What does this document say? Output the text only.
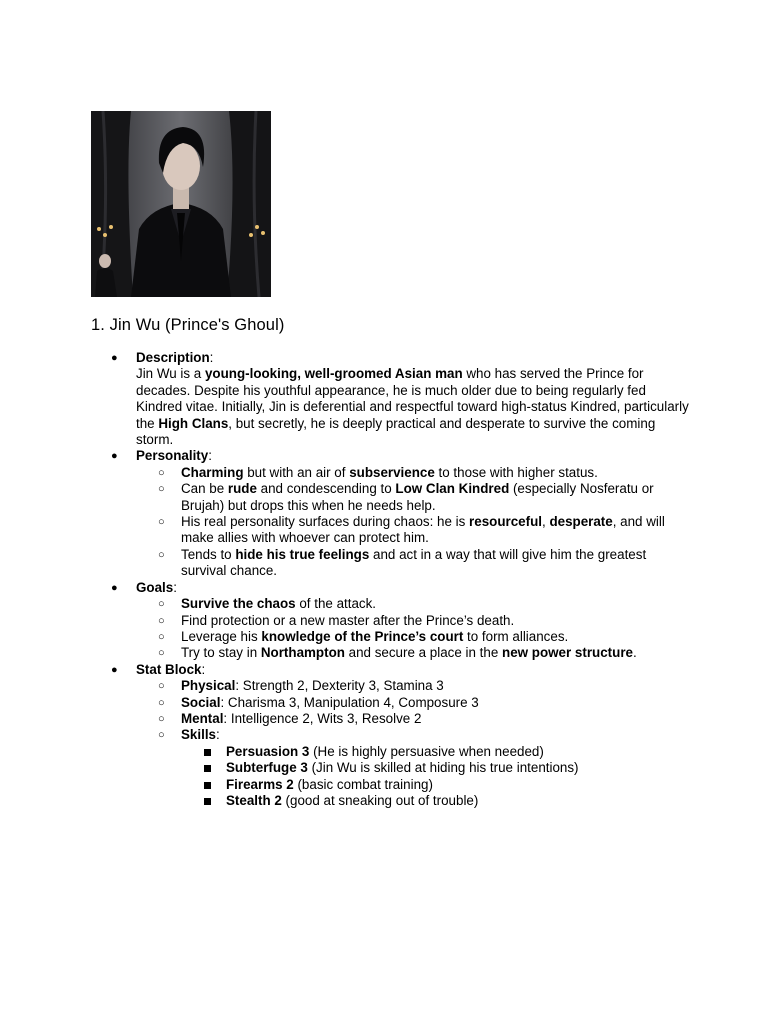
1. Jin Wu (Prince's Ghoul)
● Description:
Jin Wu is a young-looking, well-groomed Asian man who has served the Prince for decades. Despite his youthful appearance, he is much older due to being regularly fed Kindred vitae. Initially, Jin is deferential and respectful toward high-status Kindred, particularly the High Clans, but secretly, he is deeply practical and desperate to survive the coming storm.
● Personality:
○ Charming but with an air of subservience to those with higher status.
○ Can be rude and condescending to Low Clan Kindred (especially Nosferatu or Brujah) but drops this when he needs help.
○ His real personality surfaces during chaos: he is resourceful, desperate, and will make allies with whoever can protect him.
○ Tends to hide his true feelings and act in a way that will give him the greatest survival chance.
● Goals:
○ Survive the chaos of the attack.
○ Find protection or a new master after the Prince’s death.
○ Leverage his knowledge of the Prince’s court to form alliances.
○ Try to stay in Northampton and secure a place in the new power structure.
● Stat Block:
○ Physical: Strength 2, Dexterity 3, Stamina 3
○ Social: Charisma 3, Manipulation 4, Composure 3
○ Mental: Intelligence 2, Wits 3, Resolve 2
○ Skills:
Persuasion 3 (He is highly persuasive when needed)
Subterfuge 3 (Jin Wu is skilled at hiding his true intentions)
Firearms 2 (basic combat training)
Stealth 2 (good at sneaking out of trouble)
